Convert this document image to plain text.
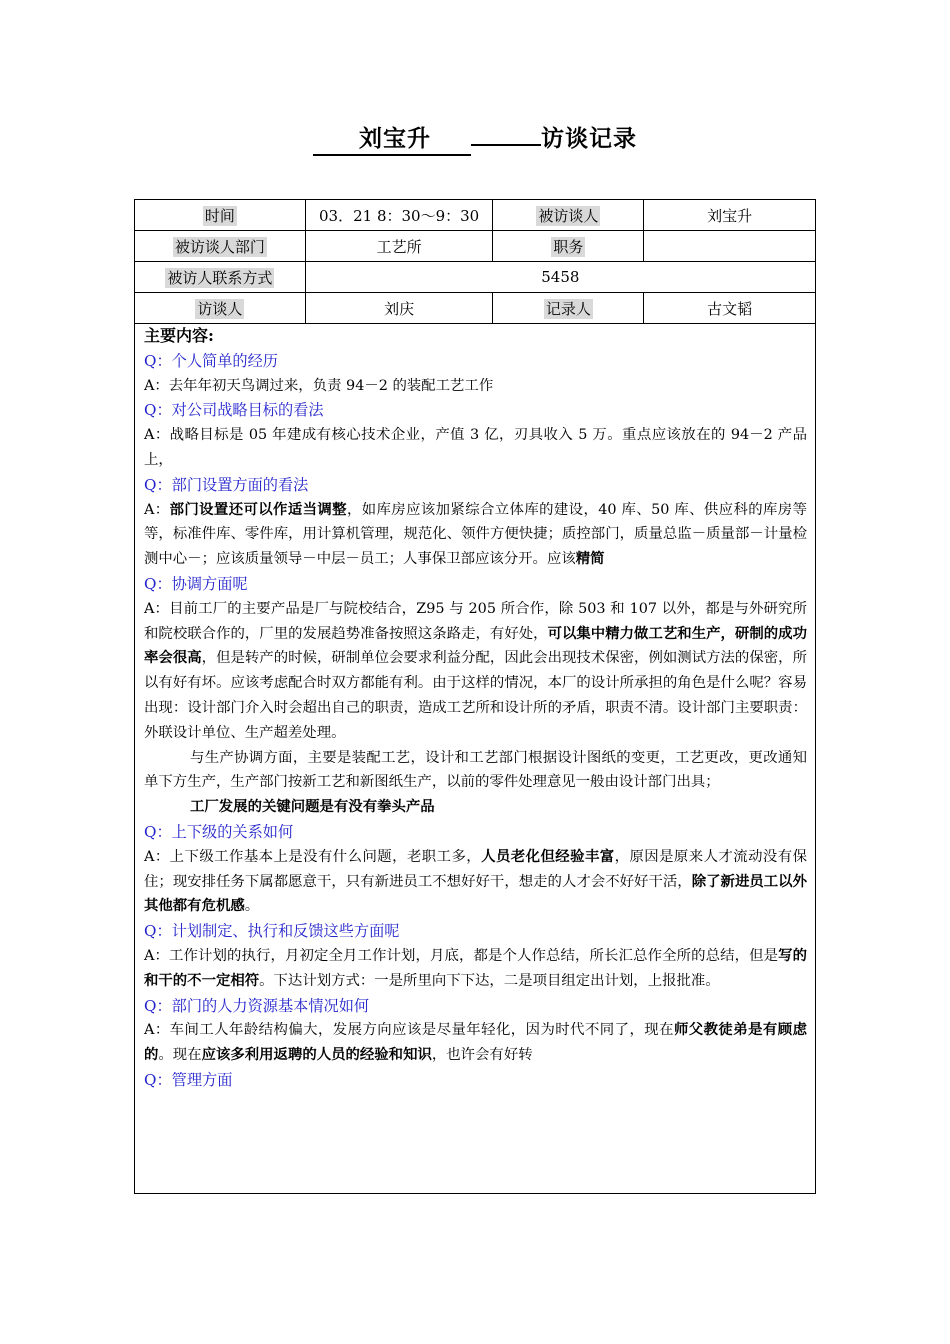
刘宝升	访谈记录
时间	03．21 8：30～9：30	被访谈人	刘宝升
被访谈人部门	工艺所	职务	
被访人联系方式	5458		
访谈人	刘庆	记录人	古文韬

主要内容:

Q：个人简单的经历

A：去年年初天鸟调过来，负责 94－2 的装配工艺工作

Q：对公司战略目标的看法

A：战略目标是 05 年建成有核心技术企业，产值 3 亿，刃具收入 5 万。重点应该放在的 94－2 产品上，

Q：部门设置方面的看法

A：部门设置还可以作适当调整，如库房应该加紧综合立体库的建设，40 库、50 库、供应科的库房等等，标准件库、零件库，用计算机管理，规范化、领件方便快捷；质控部门，质量总监－质量部－计量检测中心－；应该质量领导－中层－员工；人事保卫部应该分开。应该精简

Q：协调方面呢

A：目前工厂的主要产品是厂与院校结合，Z95 与 205 所合作，除 503 和 107 以外，都是与外研究所和院校联合作的，厂里的发展趋势准备按照这条路走，有好处，可以集中精力做工艺和生产，研制的成功率会很高，但是转产的时候，研制单位会要求利益分配，因此会出现技术保密，例如测试方法的保密，所以有好有坏。应该考虑配合时双方都能有利。由于这样的情况，本厂的设计所承担的角色是什么呢？容易出现：设计部门介入时会超出自己的职责，造成工艺所和设计所的矛盾，职责不清。设计部门主要职责：外联设计单位、生产超差处理。

与生产协调方面，主要是装配工艺，设计和工艺部门根据设计图纸的变更，工艺更改，更改通知单下方生产，生产部门按新工艺和新图纸生产，以前的零件处理意见一般由设计部门出具；

工厂发展的关键问题是有没有拳头产品

Q：上下级的关系如何

A：上下级工作基本上是没有什么问题，老职工多，人员老化但经验丰富，原因是原来人才流动没有保住；现安排任务下属都愿意干，只有新进员工不想好好干，想走的人才会不好好干活，除了新进员工以外其他都有危机感。

Q：计划制定、执行和反馈这些方面呢

A：工作计划的执行，月初定全月工作计划，月底，都是个人作总结，所长汇总作全所的总结，但是写的和干的不一定相符。下达计划方式：一是所里向下下达，二是项目组定出计划，上报批准。

Q：部门的人力资源基本情况如何

A：车间工人年龄结构偏大，发展方向应该是尽量年轻化，因为时代不同了，现在师父教徒弟是有顾虑的。现在应该多利用返聘的人员的经验和知识，也许会有好转

Q：管理方面
